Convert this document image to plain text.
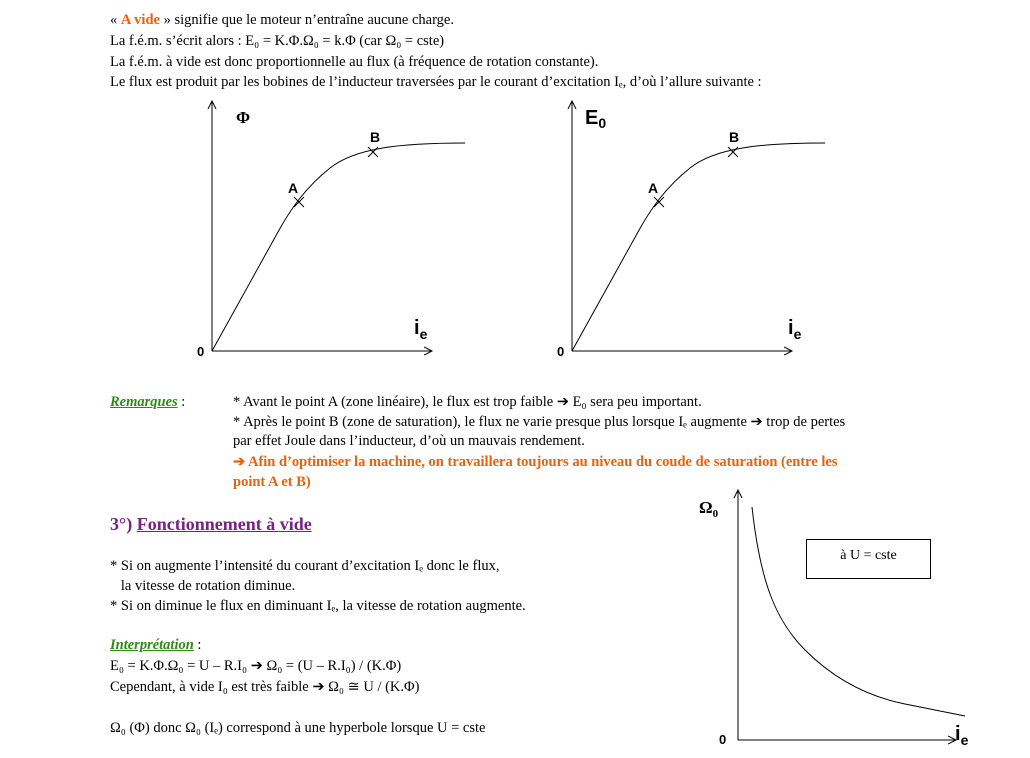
« A vide » signifie que le moteur n’entraîne aucune charge.
La f.é.m. s’écrit alors : E₀ = K.Φ.Ω₀ = k.Φ (car Ω₀ = cste)
La f.é.m. à vide est donc proportionnelle au flux (à fréquence de rotation constante).
Le flux est produit par les bobines de l’inducteur traversées par le courant d’excitation Iₑ, d’où l’allure suivante :
Φ
A
B
0
$i_e$
$E_0$
A
B
0
$i_e$
$\Omega_0$
0	$i_e$
à U = cste
Remarques :	* Avant le point A (zone linéaire), le flux est trop faible ➔ E₀ sera peu important.
* Après le point B (zone de saturation), le flux ne varie presque plus lorsque Iₑ augmente ➔ trop de pertes
par effet Joule dans l’inducteur, d’où un mauvais rendement.
➔ Afin d’optimiser la machine, on travaillera toujours au niveau du coude de saturation (entre les
point A et B)
3°) Fonctionnement à vide
* Si on augmente l’intensité du courant d’excitation Iₑ donc le flux,
la vitesse de rotation diminue.
* Si on diminue le flux en diminuant Iₑ, la vitesse de rotation augmente.
Interprétation :
E₀ = K.Φ.Ω₀ = U – R.I₀ ➔ Ω₀ = (U – R.I₀) / (K.Φ)
Cependant, à vide I₀ est très faible ➔ Ω₀ ≅ U / (K.Φ)
Ω₀ (Φ) donc Ω₀ (Iₑ) correspond à une hyperbole lorsque U = cste
